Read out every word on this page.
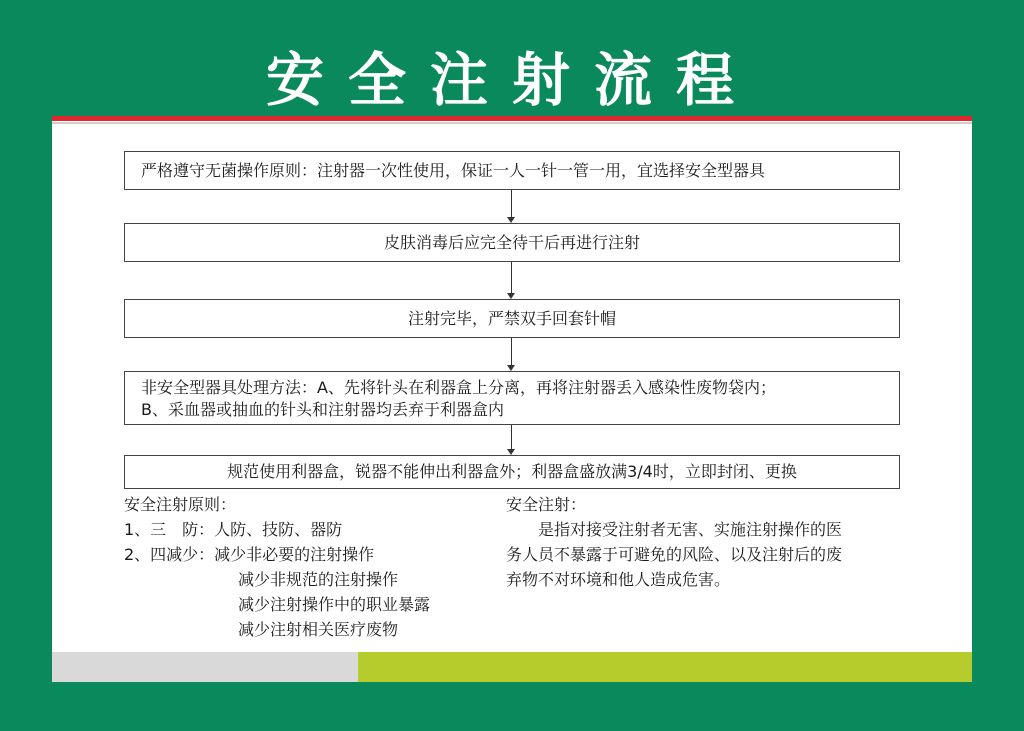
安全注射流程
严格遵守无菌操作原则：注射器一次性使用，保证一人一针一管一用，宜选择安全型器具
皮肤消毒后应完全待干后再进行注射
注射完毕，严禁双手回套针帽
非安全型器具处理方法：A、先将针头在利器盒上分离，再将注射器丢入感染性废物袋内；
B、采血器或抽血的针头和注射器均丢弃于利器盒内
规范使用利器盒，锐器不能伸出利器盒外；利器盒盛放满3/4时，立即封闭、更换
安全注射原则：
1、三　防：人防、技防、器防
2、四减少：减少非必要的注射操作
减少非规范的注射操作
减少注射操作中的职业暴露
减少注射相关医疗废物
安全注射：
是指对接受注射者无害、实施注射操作的医
务人员不暴露于可避免的风险、以及注射后的废
弃物不对环境和他人造成危害。
